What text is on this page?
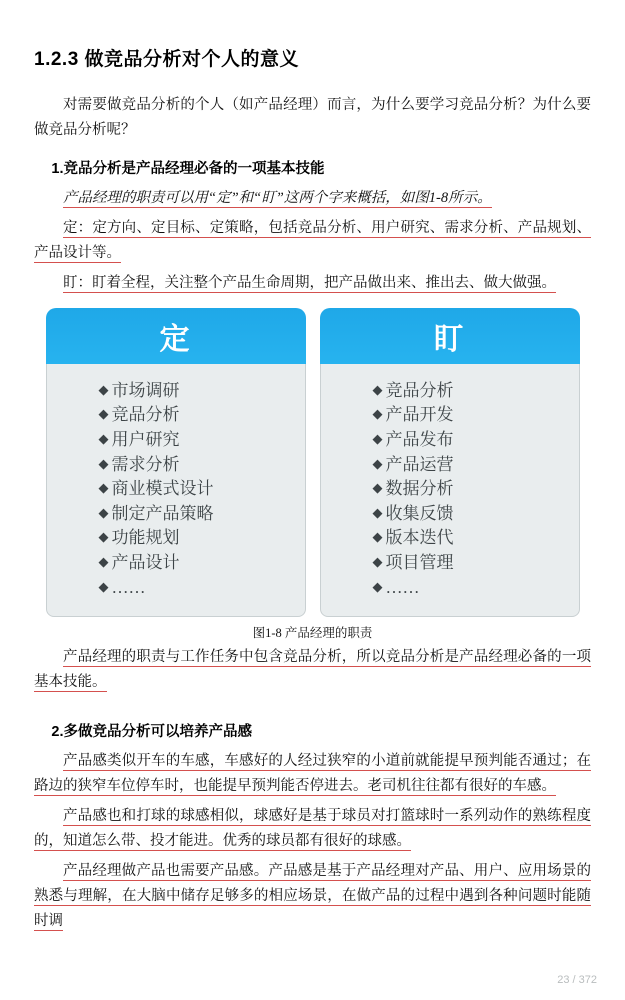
1.2.3 做竞品分析对个人的意义

对需要做竞品分析的个人（如产品经理）而言，为什么要学习竞品分析？为什么要做竞品分析呢？

1.竞品分析是产品经理必备的一项基本技能

产品经理的职责可以用“定”和“盯”这两个字来概括，如图1-8所示。

定：定方向、定目标、定策略，包括竞品分析、用户研究、需求分析、产品规划、产品设计等。

盯：盯着全程，关注整个产品生命周期，把产品做出来、推出去、做大做强。

定
◆ 市场调研
◆ 竞品分析
◆ 用户研究
◆ 需求分析
◆ 商业模式设计
◆ 制定产品策略
◆ 功能规划
◆ 产品设计
◆ ……
盯
◆ 竞品分析
◆ 产品开发
◆ 产品发布
◆ 产品运营
◆ 数据分析
◆ 收集反馈
◆ 版本迭代
◆ 项目管理
◆ ……
图1-8 产品经理的职责

产品经理的职责与工作任务中包含竞品分析，所以竞品分析是产品经理必备的一项基本技能。

2.多做竞品分析可以培养产品感

产品感类似开车的车感，车感好的人经过狭窄的小道前就能提早预判能否通过；在路边的狭窄车位停车时，也能提早预判能否停进去。老司机往往都有很好的车感。

产品感也和打球的球感相似，球感好是基于球员对打篮球时一系列动作的熟练程度的，知道怎么带、投才能进。优秀的球员都有很好的球感。

产品经理做产品也需要产品感。产品感是基于产品经理对产品、用户、应用场景的熟悉与理解，在大脑中储存足够多的相应场景，在做产品的过程中遇到各种问题时能随时调

23 / 372
